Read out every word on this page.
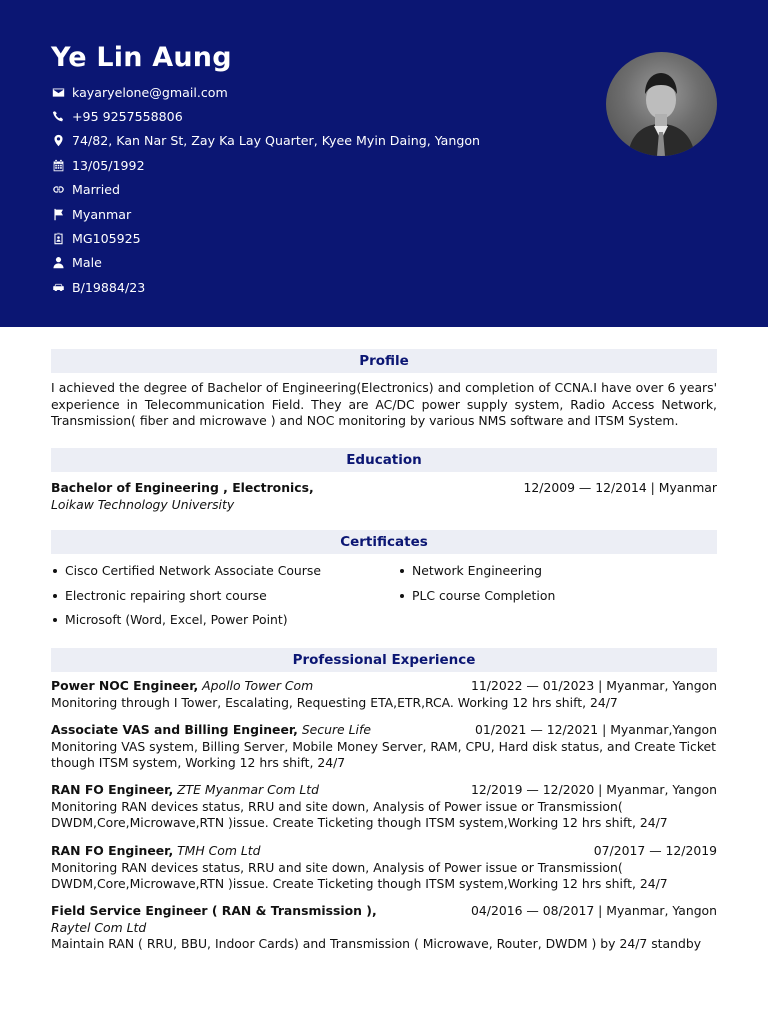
Ye Lin Aung
kayaryelone@gmail.com
+95 9257558806
74/82, Kan Nar St, Zay Ka Lay Quarter, Kyee Myin Daing, Yangon
13/05/1992
Married
Myanmar
MG105925
Male
B/19884/23
Profile
I achieved the degree of Bachelor of Engineering(Electronics) and completion of CCNA.I have over 6 years' experience in Telecommunication Field. They are AC/DC power supply system, Radio Access Network, Transmission( fiber and microwave ) and NOC monitoring by various NMS software and ITSM System.
Education
Bachelor of Engineering , Electronics,	12/2009 — 12/2014 | Myanmar
Loikaw Technology University
Certificates
Cisco Certified Network Associate Course	Network Engineering
Electronic repairing short course	PLC course Completion
Microsoft (Word, Excel, Power Point)
Professional Experience
Power NOC Engineer, Apollo Tower Com	11/2022 — 01/2023 | Myanmar, Yangon
Monitoring through I Tower, Escalating, Requesting ETA,ETR,RCA. Working 12 hrs shift, 24/7
Associate VAS and Billing Engineer, Secure Life	01/2021 — 12/2021 | Myanmar,Yangon
Monitoring VAS system, Billing Server, Mobile Money Server, RAM, CPU, Hard disk status, and Create Ticket though ITSM system, Working 12 hrs shift, 24/7
RAN FO Engineer, ZTE Myanmar Com Ltd	12/2019 — 12/2020 | Myanmar, Yangon
Monitoring RAN devices status, RRU and site down, Analysis of Power issue or Transmission( DWDM,Core,Microwave,RTN )issue. Create Ticketing though ITSM system,Working 12 hrs shift, 24/7
RAN FO Engineer, TMH Com Ltd	07/2017 — 12/2019
Monitoring RAN devices status, RRU and site down, Analysis of Power issue or Transmission( DWDM,Core,Microwave,RTN )issue. Create Ticketing though ITSM system,Working 12 hrs shift, 24/7
Field Service Engineer ( RAN & Transmission ),	04/2016 — 08/2017 | Myanmar, Yangon
Raytel Com Ltd
Maintain RAN ( RRU, BBU, Indoor Cards) and Transmission ( Microwave, Router, DWDM ) by 24/7 standby
